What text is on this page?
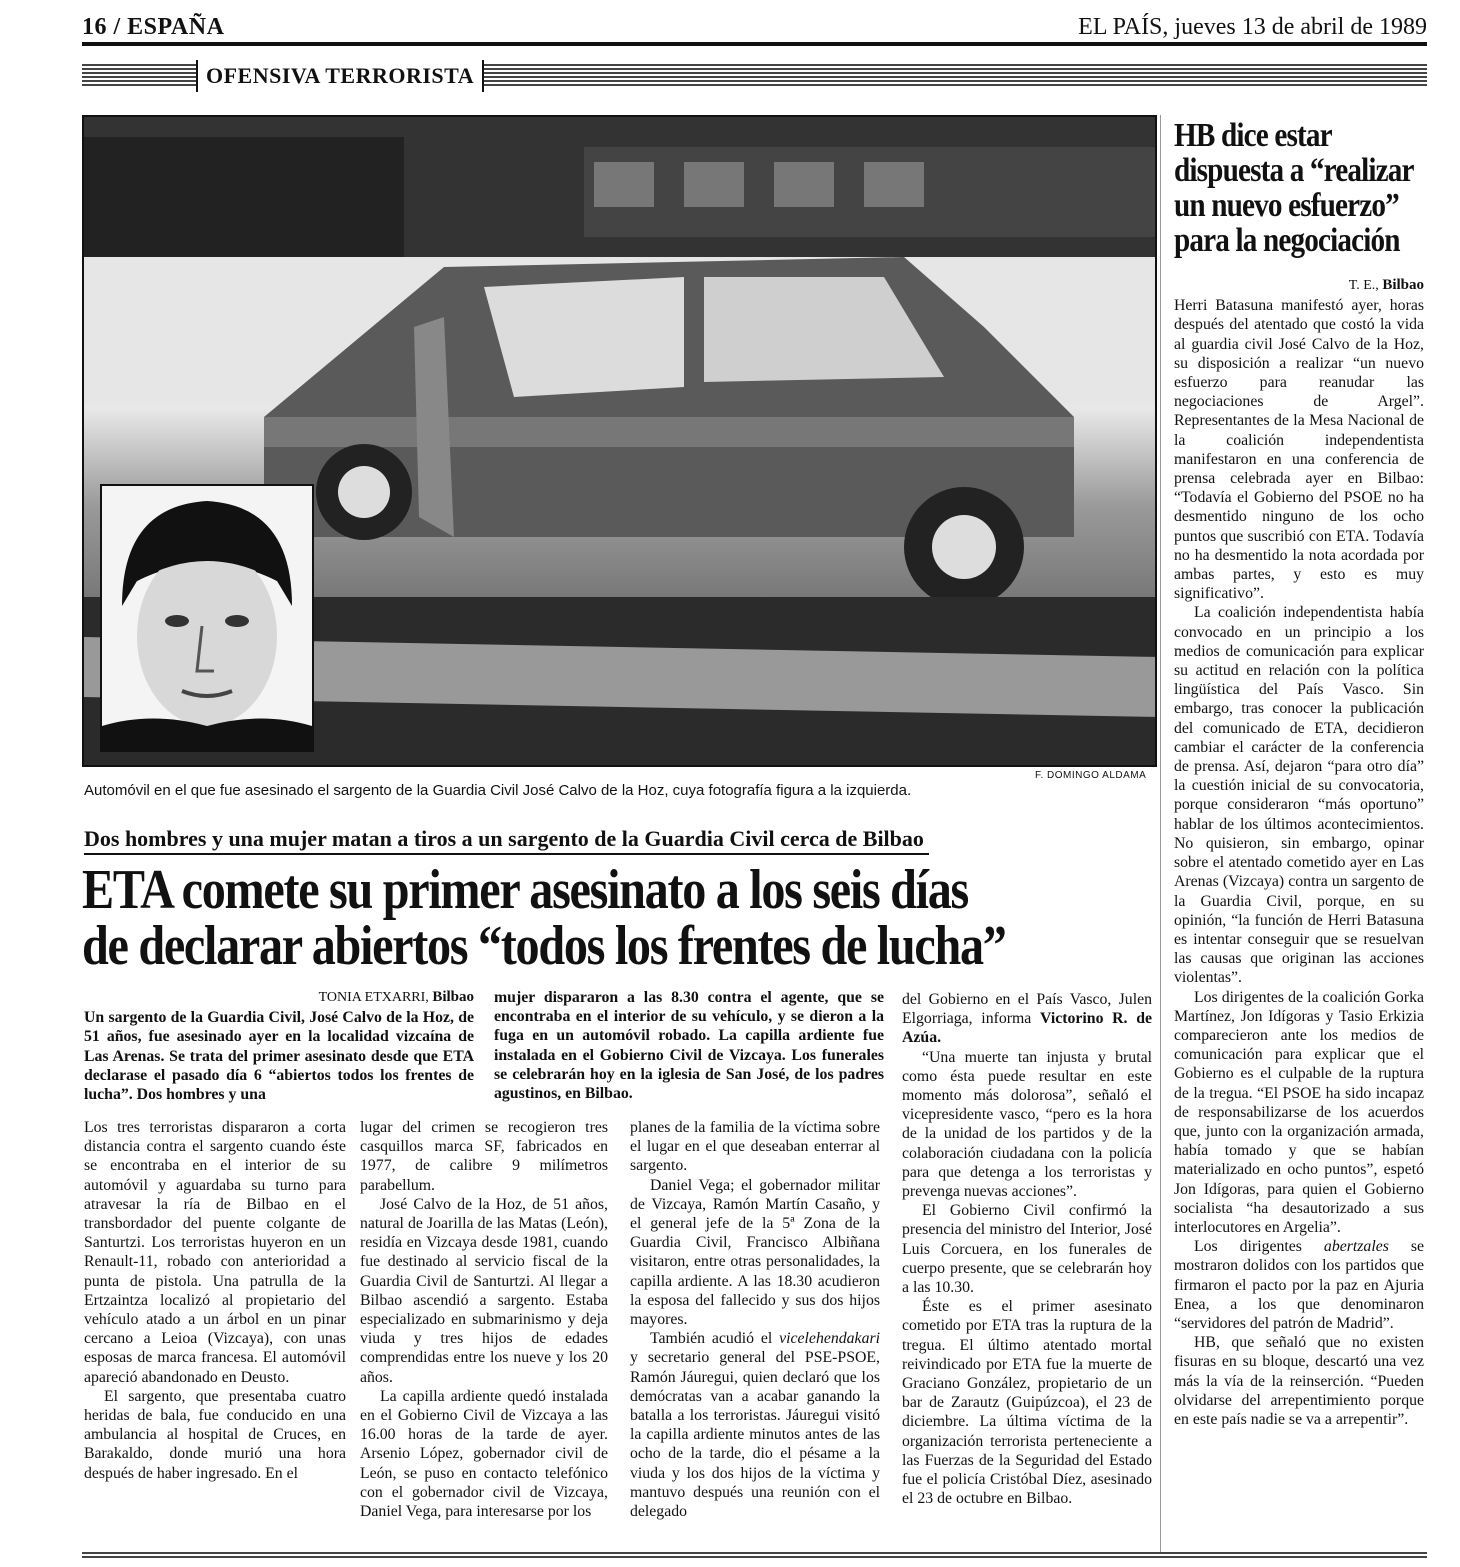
16 / ESPAÑA	EL PAÍS, jueves 13 de abril de 1989
OFENSIVA TERRORISTA
F. DOMINGO ALDAMA
Automóvil en el que fue asesinado el sargento de la Guardia Civil José Calvo de la Hoz, cuya fotografía figura a la izquierda.
Dos hombres y una mujer matan a tiros a un sargento de la Guardia Civil cerca de Bilbao
ETA comete su primer asesinato a los seis días
de declarar abiertos “todos los frentes de lucha”
TONIA ETXARRI, Bilbao

Un sargento de la Guardia Civil, José Calvo de la Hoz, de 51 años, fue asesinado ayer en la localidad vizcaína de Las Arenas. Se trata del primer asesinato desde que ETA declarase el pasado día 6 “abiertos todos los frentes de lucha”. Dos hombres y una

mujer dispararon a las 8.30 contra el agente, que se encontraba en el interior de su vehículo, y se dieron a la fuga en un automóvil robado. La capilla ardiente fue instalada en el Gobierno Civil de Vizcaya. Los funerales se celebrarán hoy en la iglesia de San José, de los padres agustinos, en Bilbao.

Los tres terroristas dispararon a corta distancia contra el sargento cuando éste se encontraba en el interior de su automóvil y aguardaba su turno para atravesar la ría de Bilbao en el transbordador del puente colgante de Santurtzi. Los terroristas huyeron en un Renault-11, robado con anterioridad a punta de pistola. Una patrulla de la Ertzaintza localizó al propietario del vehículo atado a un árbol en un pinar cercano a Leioa (Vizcaya), con unas esposas de marca francesa. El automóvil apareció abandonado en Deusto.

El sargento, que presentaba cuatro heridas de bala, fue conducido en una ambulancia al hospital de Cruces, en Barakaldo, donde murió una hora después de haber ingresado. En el

lugar del crimen se recogieron tres casquillos marca SF, fabricados en 1977, de calibre 9 milímetros parabellum.

José Calvo de la Hoz, de 51 años, natural de Joarilla de las Matas (León), residía en Vizcaya desde 1981, cuando fue destinado al servicio fiscal de la Guardia Civil de Santurtzi. Al llegar a Bilbao ascendió a sargento. Estaba especializado en submarinismo y deja viuda y tres hijos de edades comprendidas entre los nueve y los 20 años.

La capilla ardiente quedó instalada en el Gobierno Civil de Vizcaya a las 16.00 horas de la tarde de ayer. Arsenio López, gobernador civil de León, se puso en contacto telefónico con el gobernador civil de Vizcaya, Daniel Vega, para interesarse por los

planes de la familia de la víctima sobre el lugar en el que deseaban enterrar al sargento.

Daniel Vega; el gobernador militar de Vizcaya, Ramón Martín Casaño, y el general jefe de la 5ª Zona de la Guardia Civil, Francisco Albiñana visitaron, entre otras personalidades, la capilla ardiente. A las 18.30 acudieron la esposa del fallecido y sus dos hijos mayores.

También acudió el vicelehendakari y secretario general del PSE-PSOE, Ramón Jáuregui, quien declaró que los demócratas van a acabar ganando la batalla a los terroristas. Jáuregui visitó la capilla ardiente minutos antes de las ocho de la tarde, dio el pésame a la viuda y los dos hijos de la víctima y mantuvo después una reunión con el delegado

del Gobierno en el País Vasco, Julen Elgorriaga, informa Victorino R. de Azúa.

“Una muerte tan injusta y brutal como ésta puede resultar en este momento más dolorosa”, señaló el vicepresidente vasco, “pero es la hora de la unidad de los partidos y de la colaboración ciudadana con la policía para que detenga a los terroristas y prevenga nuevas acciones”.

El Gobierno Civil confirmó la presencia del ministro del Interior, José Luis Corcuera, en los funerales de cuerpo presente, que se celebrarán hoy a las 10.30.

Éste es el primer asesinato cometido por ETA tras la ruptura de la tregua. El último atentado mortal reivindicado por ETA fue la muerte de Graciano González, propietario de un bar de Zarautz (Guipúzcoa), el 23 de diciembre. La última víctima de la organización terrorista perteneciente a las Fuerzas de la Seguridad del Estado fue el policía Cristóbal Díez, asesinado el 23 de octubre en Bilbao.

HB dice estar dispuesta a “realizar un nuevo esfuerzo” para la negociación
T. E., Bilbao

Herri Batasuna manifestó ayer, horas después del atentado que costó la vida al guardia civil José Calvo de la Hoz, su disposición a realizar “un nuevo esfuerzo para reanudar las negociaciones de Argel”. Representantes de la Mesa Nacional de la coalición independentista manifestaron en una conferencia de prensa celebrada ayer en Bilbao: “Todavía el Gobierno del PSOE no ha desmentido ninguno de los ocho puntos que suscribió con ETA. Todavía no ha desmentido la nota acordada por ambas partes, y esto es muy significativo”.

La coalición independentista había convocado en un principio a los medios de comunicación para explicar su actitud en relación con la política lingüística del País Vasco. Sin embargo, tras conocer la publicación del comunicado de ETA, decidieron cambiar el carácter de la conferencia de prensa. Así, dejaron “para otro día” la cuestión inicial de su convocatoria, porque consideraron “más oportuno” hablar de los últimos acontecimientos. No quisieron, sin embargo, opinar sobre el atentado cometido ayer en Las Arenas (Vizcaya) contra un sargento de la Guardia Civil, porque, en su opinión, “la función de Herri Batasuna es intentar conseguir que se resuelvan las causas que originan las acciones violentas”.

Los dirigentes de la coalición Gorka Martínez, Jon Idígoras y Tasio Erkizia comparecieron ante los medios de comunicación para explicar que el Gobierno es el culpable de la ruptura de la tregua. “El PSOE ha sido incapaz de responsabilizarse de los acuerdos que, junto con la organización armada, había tomado y que se habían materializado en ocho puntos”, espetó Jon Idígoras, para quien el Gobierno socialista “ha desautorizado a sus interlocutores en Argelia”.

Los dirigentes abertzales se mostraron dolidos con los partidos que firmaron el pacto por la paz en Ajuria Enea, a los que denominaron “servidores del patrón de Madrid”.

HB, que señaló que no existen fisuras en su bloque, descartó una vez más la vía de la reinserción. “Pueden olvidarse del arrepentimiento porque en este país nadie se va a arrepentir”.
